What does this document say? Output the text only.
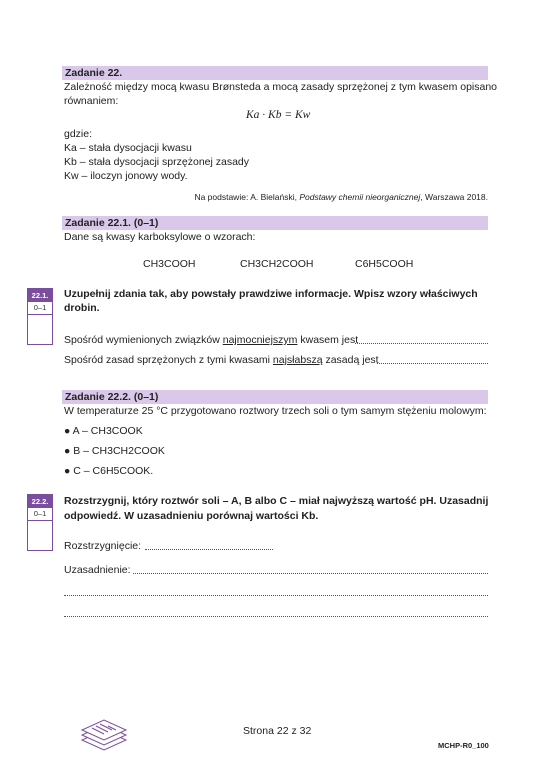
Zadanie 22.
Zależność między mocą kwasu Brønsteda a mocą zasady sprzężonej z tym kwasem opisano
równaniem:
Ka · Kb = Kw
gdzie:
Ka – stała dysocjacji kwasu
Kb – stała dysocjacji sprzężonej zasady
Kw – iloczyn jonowy wody.
Na podstawie: A. Bielański, Podstawy chemii nieorganicznej, Warszawa 2018.
Zadanie 22.1. (0–1)
Dane są kwasy karboksylowe o wzorach:
CH3COOH	CH3CH2COOH	C6H5COOH
22.1.
0–1
Uzupełnij zdania tak, aby powstały prawdziwe informacje. Wpisz wzory właściwych
drobin.
Spośród wymienionych związków najmocniejszym kwasem jest
Spośród zasad sprzężonych z tymi kwasami najsłabszą zasadą jest
Zadanie 22.2. (0–1)
W temperaturze 25 °C przygotowano roztwory trzech soli o tym samym stężeniu molowym:
● A – CH3COOK
● B – CH3CH2COOK
● C – C6H5COOK.
22.2.
0–1
Rozstrzygnij, który roztwór soli – A, B albo C – miał najwyższą wartość pH. Uzasadnij
odpowiedź. W uzasadnieniu porównaj wartości Kb.
Rozstrzygnięcie:
Uzasadnienie:
Strona 22 z 32
MCHP-R0_100
